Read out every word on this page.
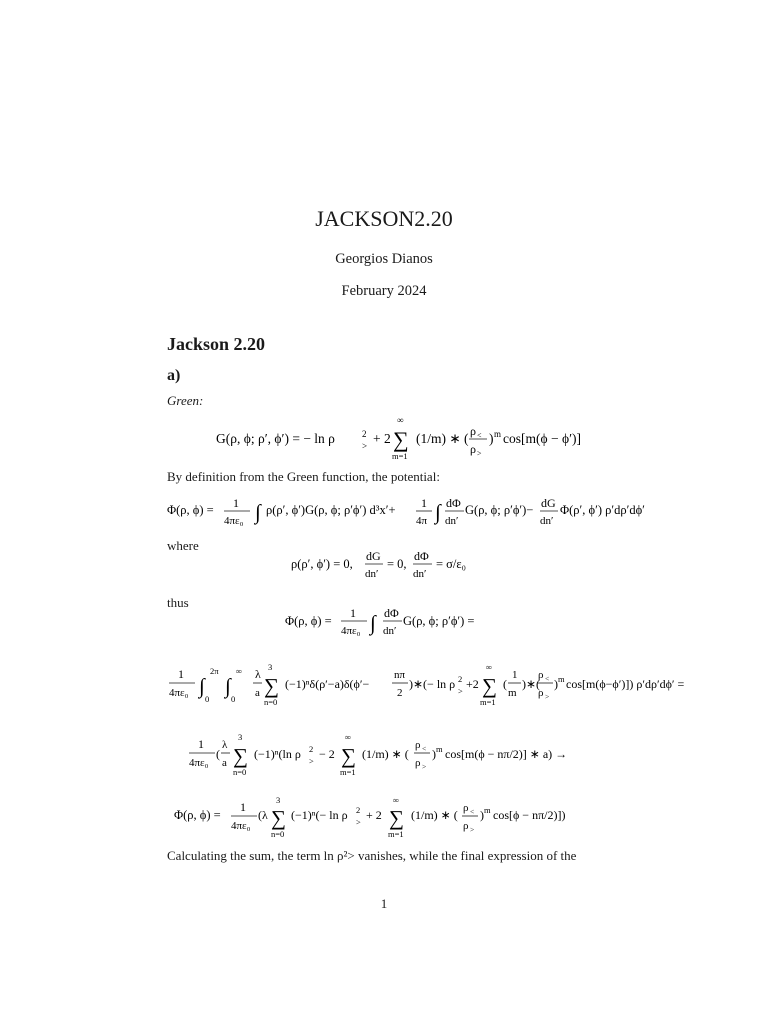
JACKSON2.20
Georgios Dianos
February 2024
Jackson 2.20
a)
Green:
G(ρ, ϕ; ρ′, ϕ′) = − ln ρ	>
2 + 2
∞
∑
m=1
(1/m) ∗ ( ρ <
ρ >
) m cos[m(ϕ − ϕ′)]
By definition from the Green function, the potential:
Φ(ρ, ϕ) = 1
4πε₀ ∫ ρ(ρ′, ϕ′)G(ρ, ϕ; ρ′ϕ′) d³x′+ 1
4π ∫ dΦ
dn′
G(ρ, ϕ; ρ′ϕ′)− dG
dn′
Φ(ρ′, ϕ′) ρ′dρ′dϕ′
where
ρ(ρ′, ϕ′) = 0,
dG
dn′
= 0,
dΦ
dn′
= σ/ε₀
thus
Φ(ρ, ϕ) =
1
4πε₀ ∫ dΦ
dn′
G(ρ, ϕ; ρ′ϕ′) =
1
4πε₀ ∫
2π
0
∫
∞
0
λ
a
3
∑
n=0
(−1)ⁿδ(ρ′−a)δ(ϕ′−
nπ
2
)∗(− ln ρ >
2 +2
∞
∑
m=1
(
1
m
)∗(
ρ <
ρ >
) m cos[m(ϕ−ϕ′)]) ρ′dρ′dϕ′ =
1
4πε₀
(
λ
a
3
∑
n=0
(−1)ⁿ(ln ρ >
2 − 2
∞
∑
m=1
(1/m) ∗ (
ρ <
ρ >
) m cos[m(ϕ − nπ/2)] ∗ a) →
Φ(ρ, ϕ) =
1
4πε₀
(λ
3
∑
n=0
(−1)ⁿ(− ln ρ >
2 + 2
∞
∑
m=1
(1/m) ∗ ( ρ <
ρ >
) m cos[ϕ − nπ/2)])
Calculating the sum, the term ln ρ²> vanishes, while the final expression of the
1
